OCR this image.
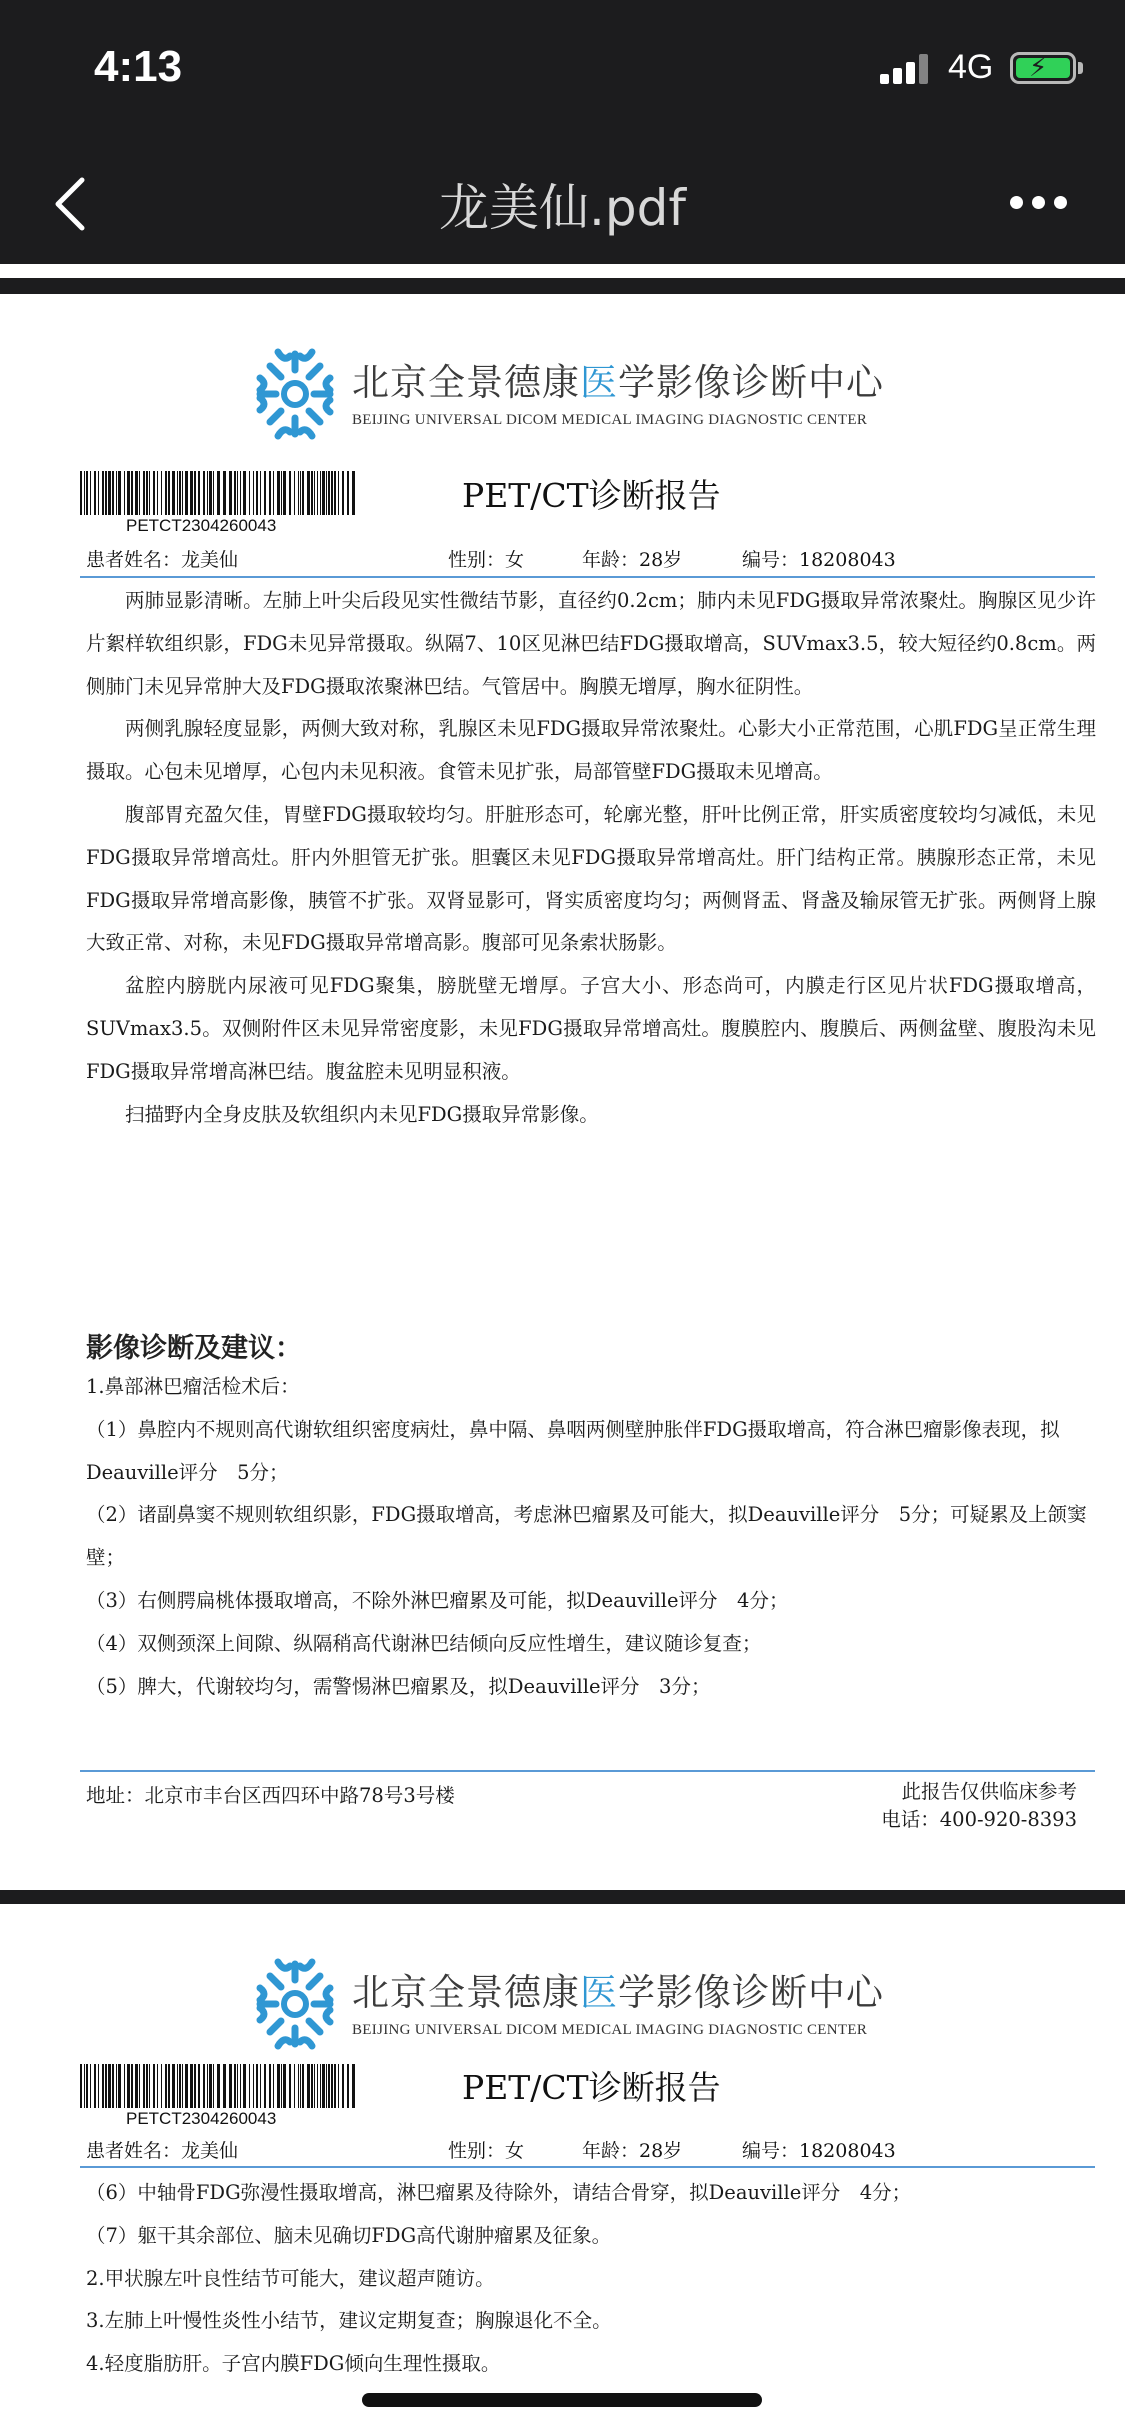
4:13	4G ⚡
龙美仙.pdf
北京全景德康医学影像诊断中心
BEIJING UNIVERSAL DICOM MEDICAL IMAGING DIAGNOSTIC CENTER
PETCT2304260043
PET/CT诊断报告
患者姓名：龙美仙	性别：女	年龄：28岁	编号：18208043

两肺显影清晰。左肺上叶尖后段见实性微结节影，直径约0.2cm；肺内未见FDG摄取异常浓聚灶。胸腺区见少许片絮样软组织影，FDG未见异常摄取。纵隔7、10区见淋巴结FDG摄取增高，SUVmax3.5，较大短径约0.8cm。两侧肺门未见异常肿大及FDG摄取浓聚淋巴结。气管居中。胸膜无增厚，胸水征阴性。

两侧乳腺轻度显影，两侧大致对称，乳腺区未见FDG摄取异常浓聚灶。心影大小正常范围，心肌FDG呈正常生理摄取。心包未见增厚，心包内未见积液。食管未见扩张，局部管壁FDG摄取未见增高。

腹部胃充盈欠佳，胃壁FDG摄取较均匀。肝脏形态可，轮廓光整，肝叶比例正常，肝实质密度较均匀减低，未见FDG摄取异常增高灶。肝内外胆管无扩张。胆囊区未见FDG摄取异常增高灶。肝门结构正常。胰腺形态正常，未见FDG摄取异常增高影像，胰管不扩张。双肾显影可，肾实质密度均匀；两侧肾盂、肾盏及输尿管无扩张。两侧肾上腺大致正常、对称，未见FDG摄取异常增高影。腹部可见条索状肠影。

盆腔内膀胱内尿液可见FDG聚集，膀胱壁无增厚。子宫大小、形态尚可，内膜走行区见片状FDG摄取增高，SUVmax3.5。双侧附件区未见异常密度影，未见FDG摄取异常增高灶。腹膜腔内、腹膜后、两侧盆壁、腹股沟未见FDG摄取异常增高淋巴结。腹盆腔未见明显积液。

扫描野内全身皮肤及软组织内未见FDG摄取异常影像。

影像诊断及建议：
1.鼻部淋巴瘤活检术后：
（1）鼻腔内不规则高代谢软组织密度病灶，鼻中隔、鼻咽两侧壁肿胀伴FDG摄取增高，符合淋巴瘤影像表现，拟Deauville评分　5分；
（2）诸副鼻窦不规则软组织影，FDG摄取增高，考虑淋巴瘤累及可能大，拟Deauville评分　5分；可疑累及上颌窦壁；
（3）右侧腭扁桃体摄取增高，不除外淋巴瘤累及可能，拟Deauville评分　4分；
（4）双侧颈深上间隙、纵隔稍高代谢淋巴结倾向反应性增生，建议随诊复查；
（5）脾大，代谢较均匀，需警惕淋巴瘤累及，拟Deauville评分　3分；
地址：北京市丰台区西四环中路78号3号楼	此报告仅供临床参考
电话：400-920-8393
北京全景德康医学影像诊断中心
BEIJING UNIVERSAL DICOM MEDICAL IMAGING DIAGNOSTIC CENTER
PETCT2304260043
PET/CT诊断报告
患者姓名：龙美仙	性别：女	年龄：28岁	编号：18208043
（6）中轴骨FDG弥漫性摄取增高，淋巴瘤累及待除外，请结合骨穿，拟Deauville评分　4分；
（7）躯干其余部位、脑未见确切FDG高代谢肿瘤累及征象。
2.甲状腺左叶良性结节可能大，建议超声随访。
3.左肺上叶慢性炎性小结节，建议定期复查；胸腺退化不全。
4.轻度脂肪肝。子宫内膜FDG倾向生理性摄取。
